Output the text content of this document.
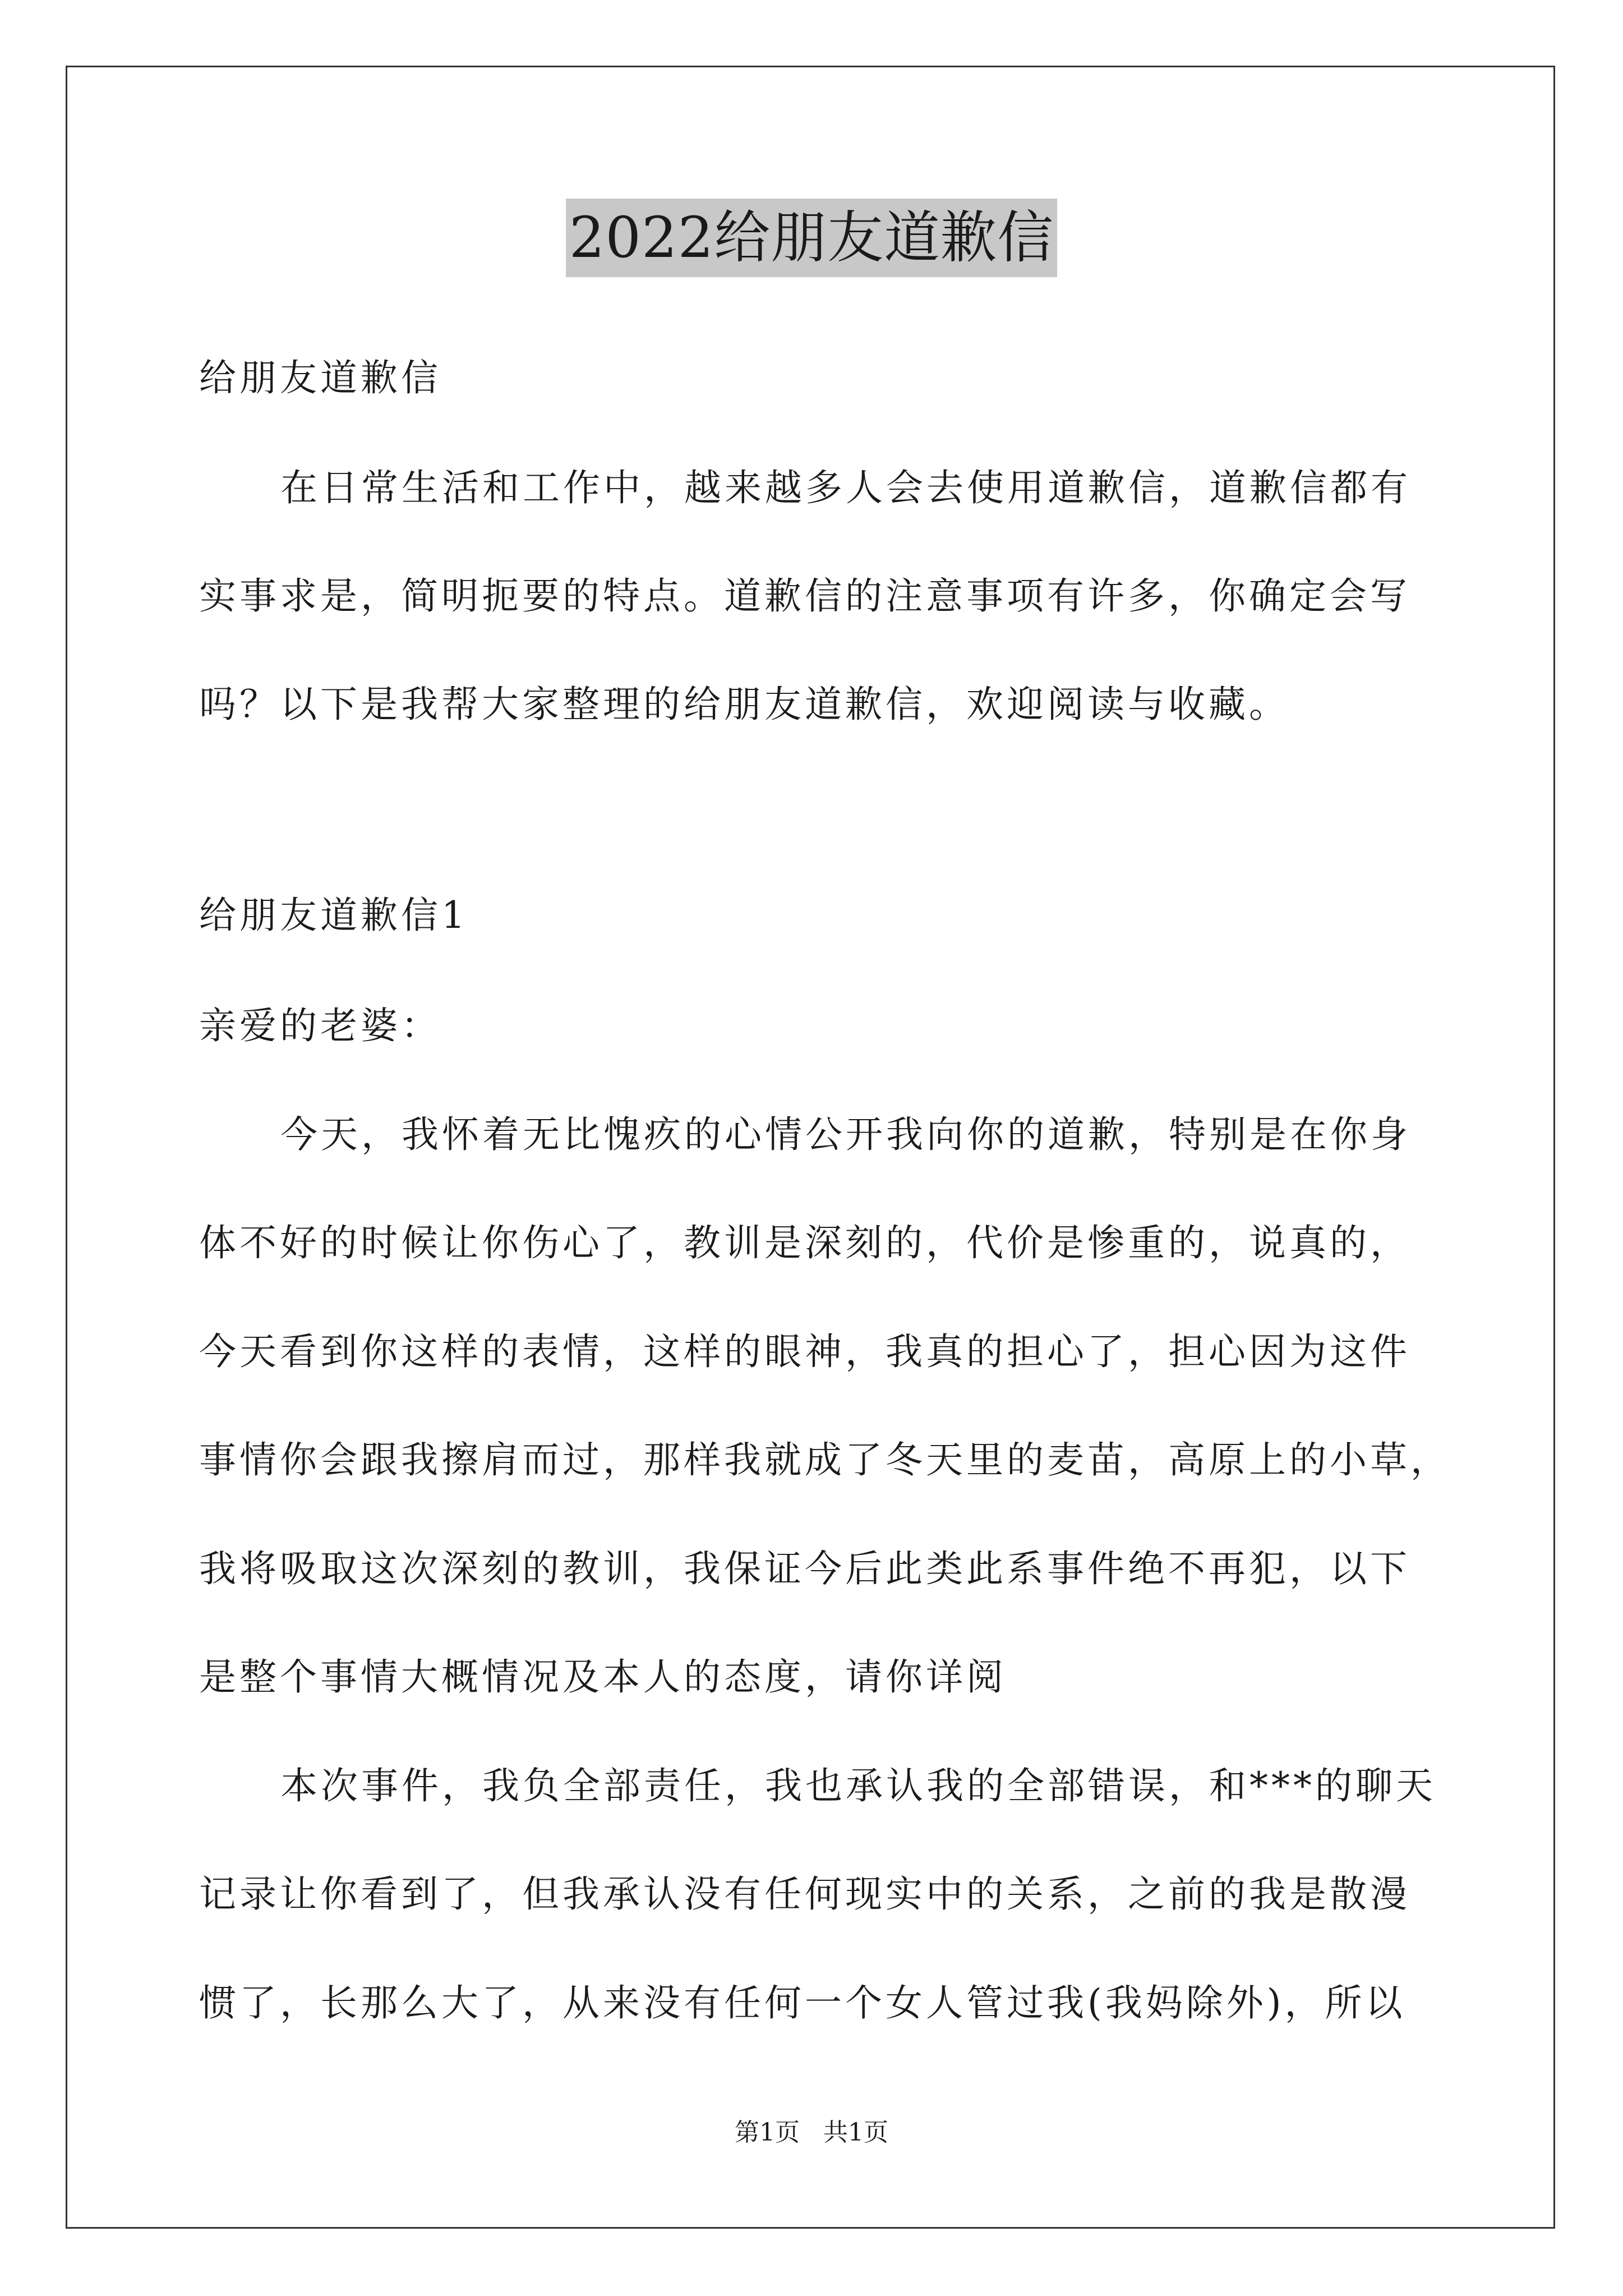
2022给朋友道歉信
给朋友道歉信
在日常生活和工作中，越来越多人会去使用道歉信，道歉信都有
实事求是，简明扼要的特点。道歉信的注意事项有许多，你确定会写
吗？以下是我帮大家整理的给朋友道歉信，欢迎阅读与收藏。
给朋友道歉信1
亲爱的老婆：
今天，我怀着无比愧疚的心情公开我向你的道歉，特别是在你身
体不好的时候让你伤心了，教训是深刻的，代价是惨重的，说真的，
今天看到你这样的表情，这样的眼神，我真的担心了，担心因为这件
事情你会跟我擦肩而过，那样我就成了冬天里的麦苗，高原上的小草，
我将吸取这次深刻的教训，我保证今后此类此系事件绝不再犯，以下
是整个事情大概情况及本人的态度，请你详阅
本次事件，我负全部责任，我也承认我的全部错误，和***的聊天
记录让你看到了，但我承认没有任何现实中的关系，之前的我是散漫
惯了，长那么大了，从来没有任何一个女人管过我(我妈除外)，所以
第1页   共1页
